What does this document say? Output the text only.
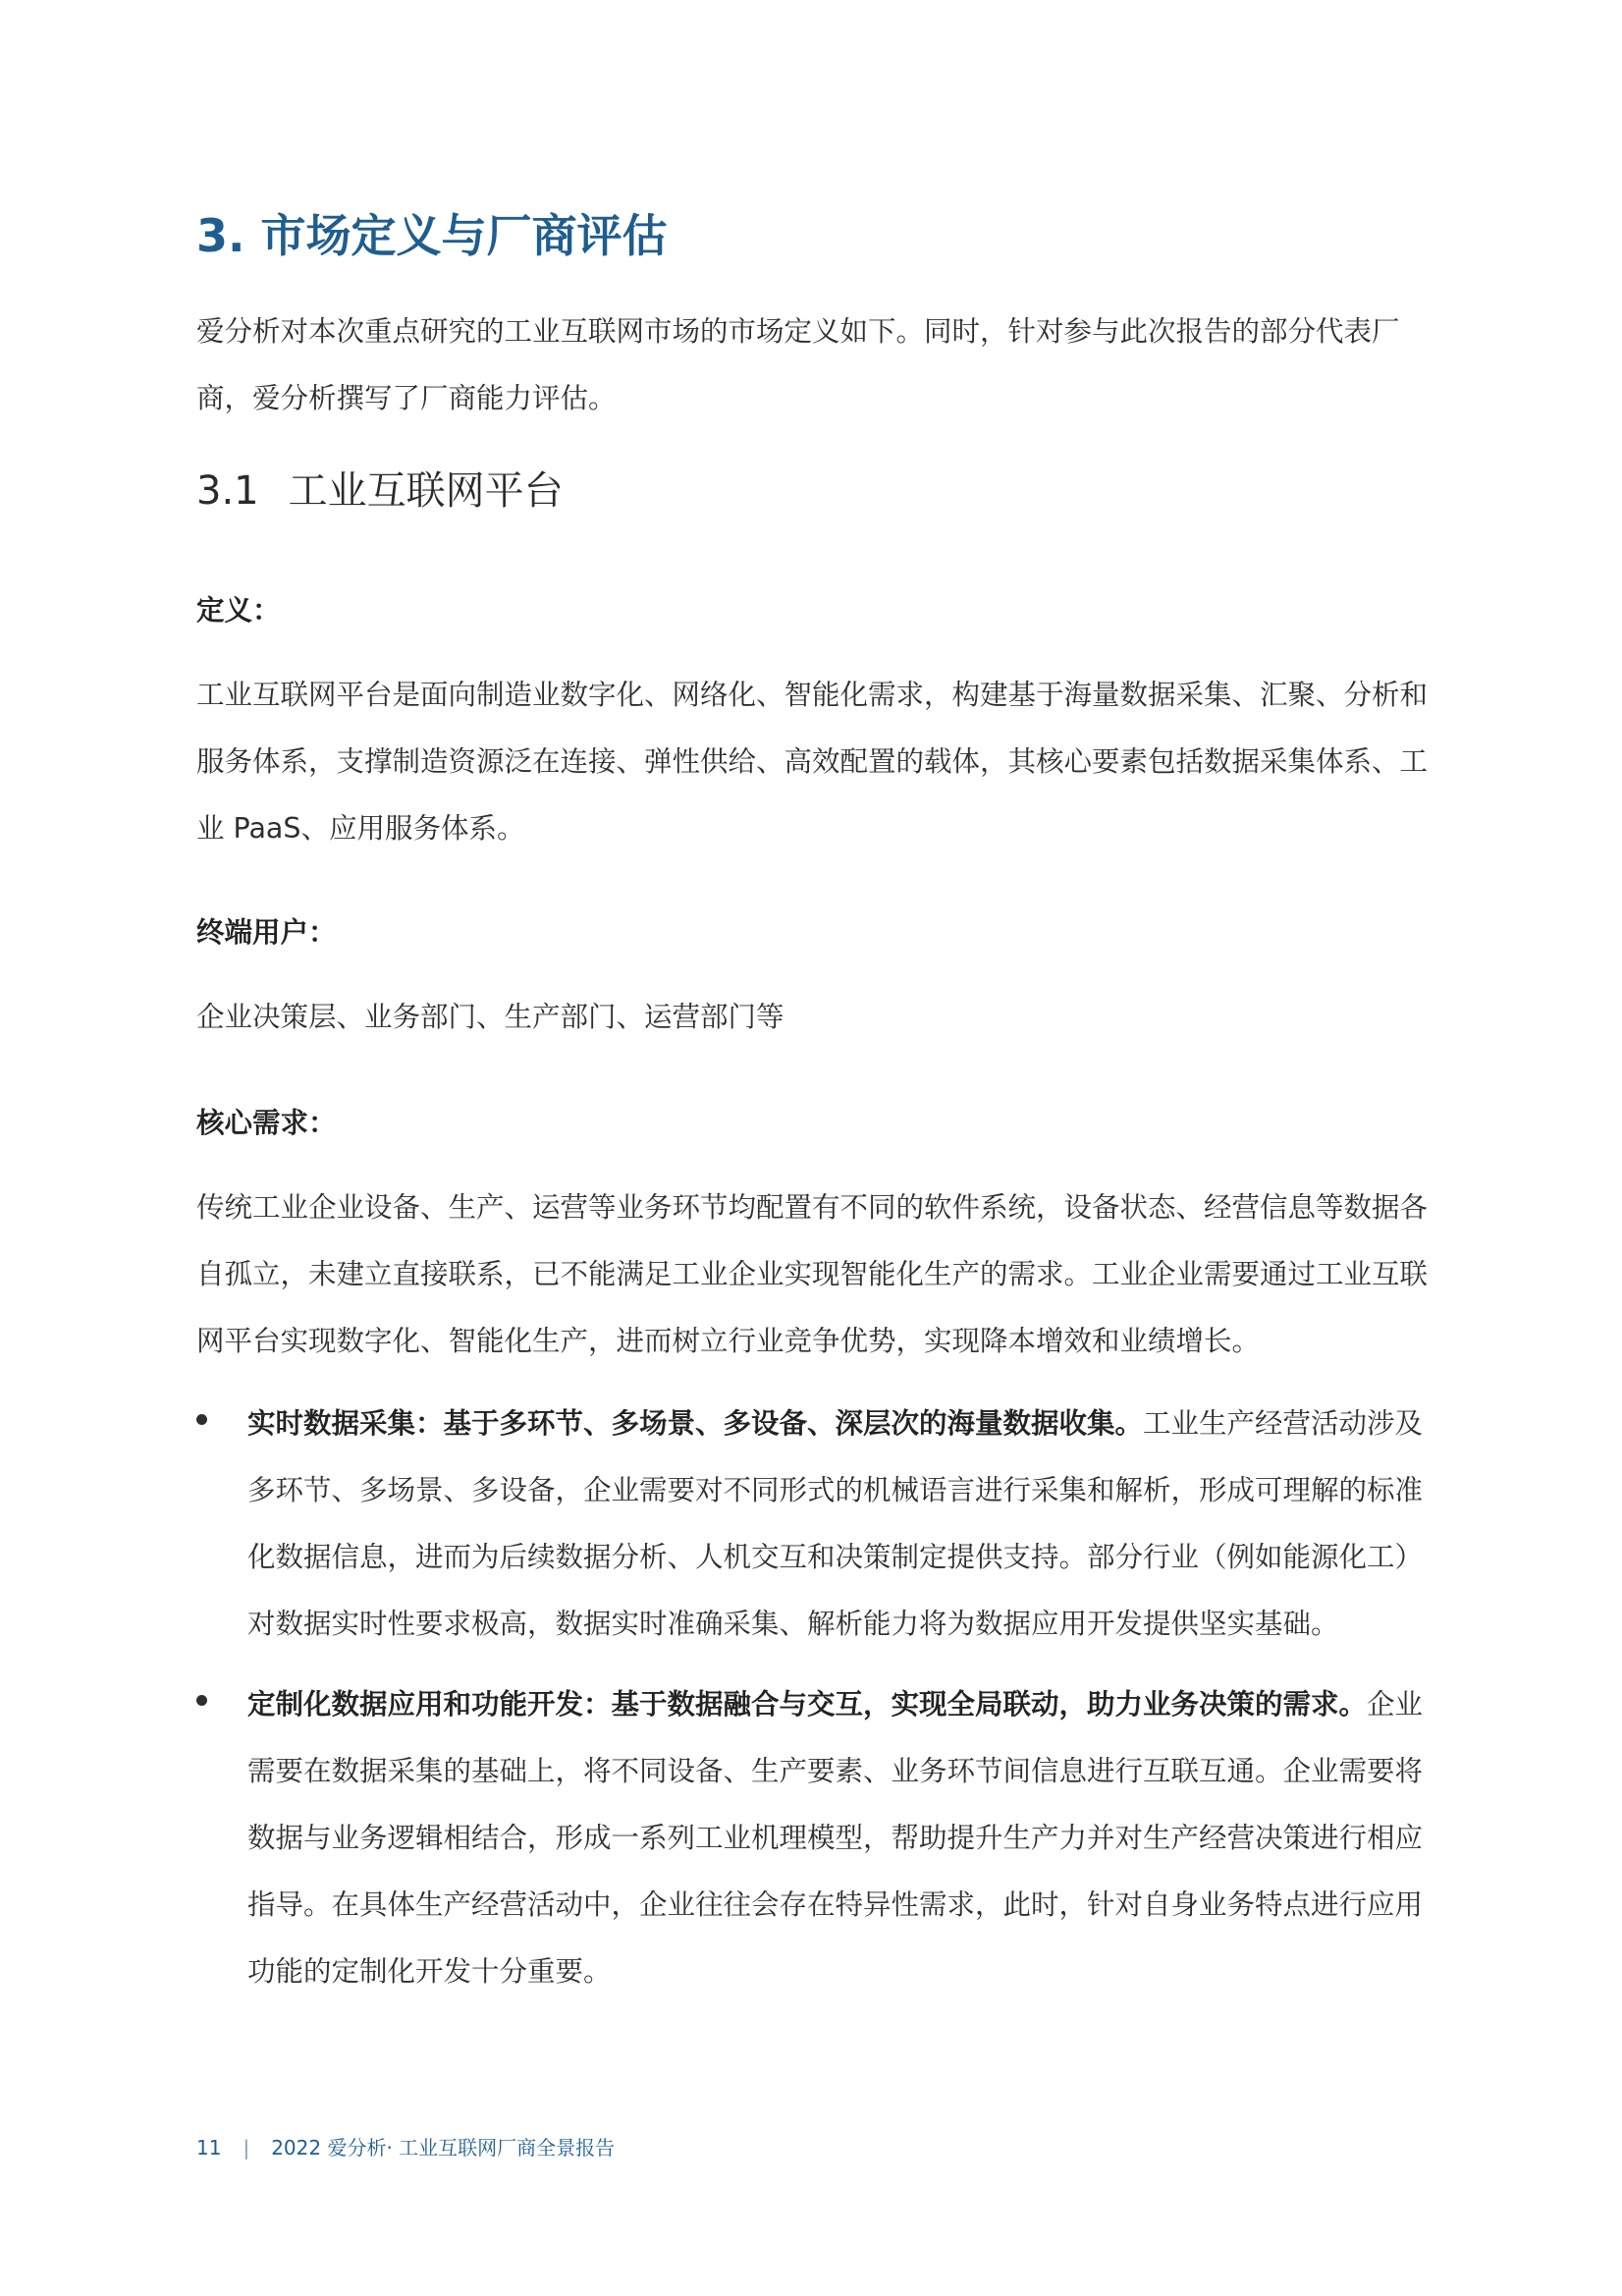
3. 市场定义与厂商评估

爱分析对本次重点研究的工业互联网市场的市场定义如下。同时，针对参与此次报告的部分代表厂商，爱分析撰写了厂商能力评估。

3.1 工业互联网平台
定义：

工业互联网平台是面向制造业数字化、网络化、智能化需求，构建基于海量数据采集、汇聚、分析和服务体系，支撑制造资源泛在连接、弹性供给、高效配置的载体，其核心要素包括数据采集体系、工业 PaaS、应用服务体系。

终端用户：

企业决策层、业务部门、生产部门、运营部门等

核心需求：

传统工业企业设备、生产、运营等业务环节均配置有不同的软件系统，设备状态、经营信息等数据各自孤立，未建立直接联系，已不能满足工业企业实现智能化生产的需求。工业企业需要通过工业互联网平台实现数字化、智能化生产，进而树立行业竞争优势，实现降本增效和业绩增长。

实时数据采集：基于多环节、多场景、多设备、深层次的海量数据收集。工业生产经营活动涉及多环节、多场景、多设备，企业需要对不同形式的机械语言进行采集和解析，形成可理解的标准化数据信息，进而为后续数据分析、人机交互和决策制定提供支持。部分行业（例如能源化工）对数据实时性要求极高，数据实时准确采集、解析能力将为数据应用开发提供坚实基础。

定制化数据应用和功能开发：基于数据融合与交互，实现全局联动，助力业务决策的需求。企业需要在数据采集的基础上，将不同设备、生产要素、业务环节间信息进行互联互通。企业需要将数据与业务逻辑相结合，形成一系列工业机理模型，帮助提升生产力并对生产经营决策进行相应指导。在具体生产经营活动中，企业往往会存在特异性需求，此时，针对自身业务特点进行应用功能的定制化开发十分重要。

11 | 2022 爱分析· 工业互联网厂商全景报告
